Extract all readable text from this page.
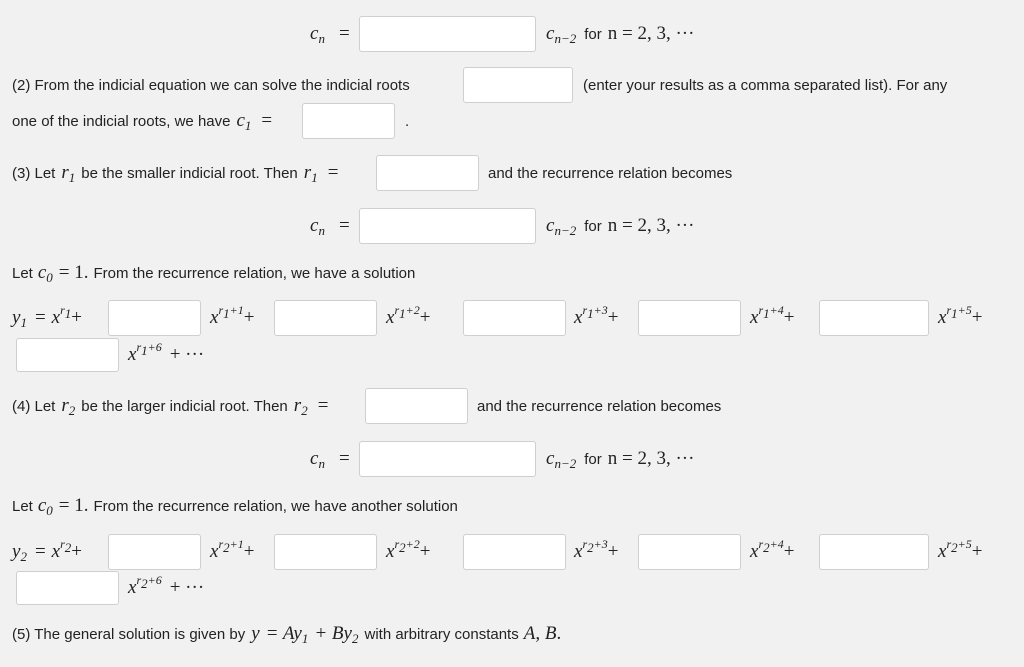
$c_n$ =	$c_{n-2}$ for n = 2, 3, ···
(2) From the indicial equation we can solve the indicial roots	(enter your results as a comma separated list). For any
one of the indicial roots, we have $c_1$ =	.
(3) Let $r_1$ be the smaller indicial root. Then $r_1$ =	and the recurrence relation becomes
$c_n$ =	$c_{n-2}$ for n = 2, 3, ···
Let $c_0 = 1$. From the recurrence relation, we have a solution
$y_1 = x^{r_1}$ +	$x^{r_1+1}$ +	$x^{r_1+2}$ +	$x^{r_1+3}$ +	$x^{r_1+4}$ +	$x^{r_1+5}$ +
$x^{r_1+6}$ + ···
(4) Let $r_2$ be the larger indicial root. Then $r_2$ =	and the recurrence relation becomes
$c_n$ =	$c_{n-2}$ for n = 2, 3, ···
Let $c_0 = 1$. From the recurrence relation, we have another solution
$y_2 = x^{r_2}$ +	$x^{r_2+1}$ +	$x^{r_2+2}$ +	$x^{r_2+3}$ +	$x^{r_2+4}$ +	$x^{r_2+5}$ +
$x^{r_2+6}$ + ···
(5) The general solution is given by $y = Ay_1 + By_2$ with arbitrary constants A, B .
